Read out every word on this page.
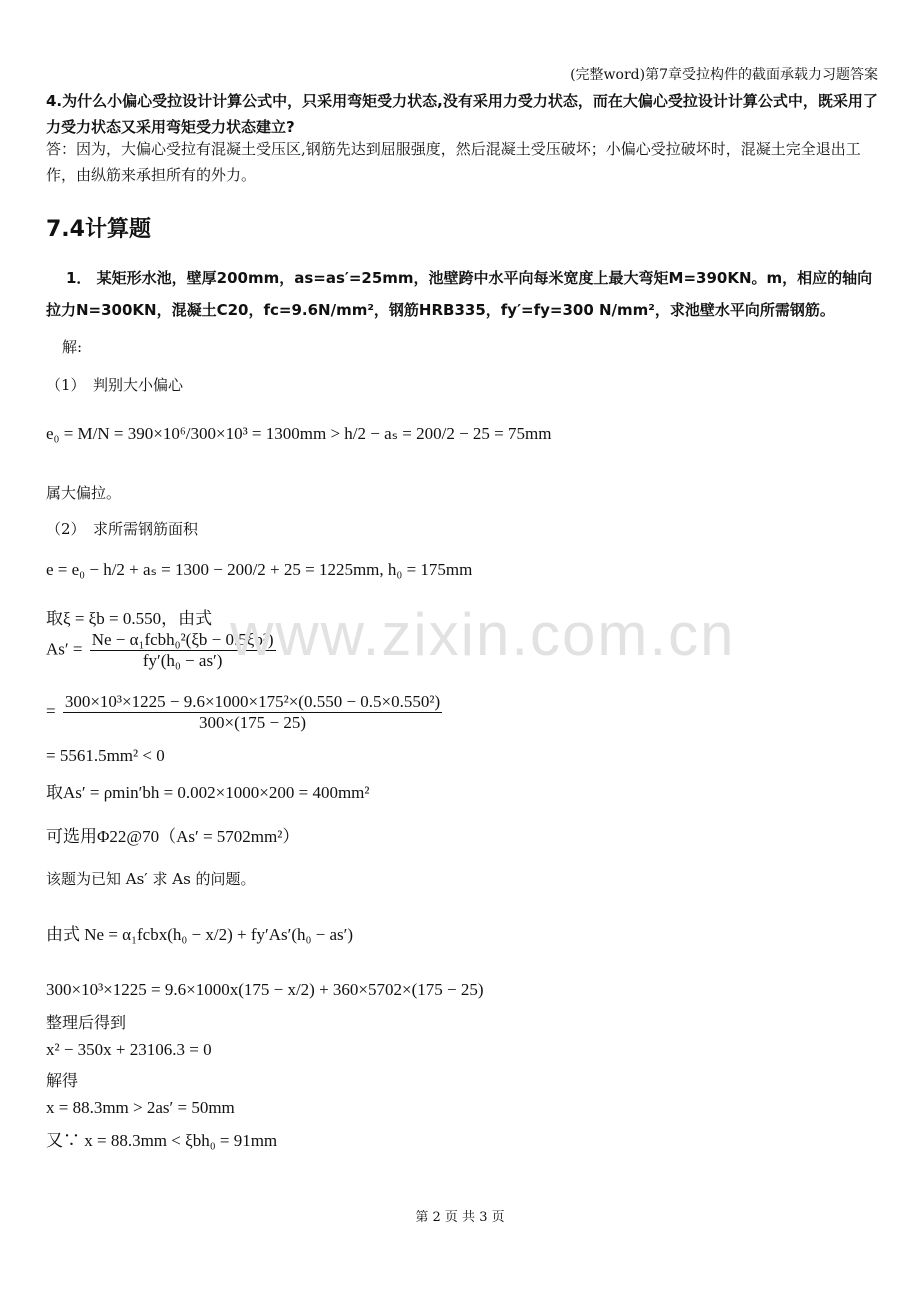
(完整word)第7章受拉构件的截面承载力习题答案
4.为什么小偏心受拉设计计算公式中，只采用弯矩受力状态,没有采用力受力状态，而在大偏心受拉设计计算公式中，既采用了力受力状态又采用弯矩受力状态建立?
答：因为，大偏心受拉有混凝土受压区,钢筋先达到屈服强度，然后混凝土受压破坏；小偏心受拉破坏时，混凝土完全退出工作，由纵筋来承担所有的外力。
7.4计算题
1． 某矩形水池，壁厚200mm，as=as′=25mm，池壁跨中水平向每米宽度上最大弯矩M=390KN。m，相应的轴向拉力N=300KN，混凝土C20，fc=9.6N/mm²，钢筋HRB335，fy′=fy=300 N/mm²，求池壁水平向所需钢筋。
解:
（1）　判别大小偏心
e₀ = M/N = 390×10⁶/300×10³ = 1300mm > h/2 − aₛ = 200/2 − 25 = 75mm
属大偏拉。
（2）　求所需钢筋面积
e = e₀ − h/2 + aₛ = 1300 − 200/2 + 25 = 1225mm, h₀ = 175mm
取ξ = ξb = 0.550，由式
$As' = \frac{\text{Ne − α₁fcbh₀²(ξb − 0.5ξb²)}}{\text{fy′(h₀ − as′)}}$
= $\frac{\text{300×10³×1225 − 9.6×1000×175²×(0.550 − 0.5×0.550²)}}{300\times(175 - 25)}$
= 5561.5mm² < 0
取As′ = ρmin′bh = 0.002×1000×200 = 400mm²
可选用Φ22@70（As′ = 5702mm²）
该题为已知 As′ 求 As 的问题。
由式 Ne = α₁fcbx(h₀ − x/2) + fy′As′(h₀ − as′)
300×10³×1225 = 9.6×1000x(175 − x/2) + 360×5702×(175 − 25)
整理后得到
x² − 350x + 23106.3 = 0
解得
x = 88.3mm > 2as′ = 50mm
又∵ x = 88.3mm < ξbh₀ = 91mm
www.zixin.com.cn
第 2 页 共 3 页
